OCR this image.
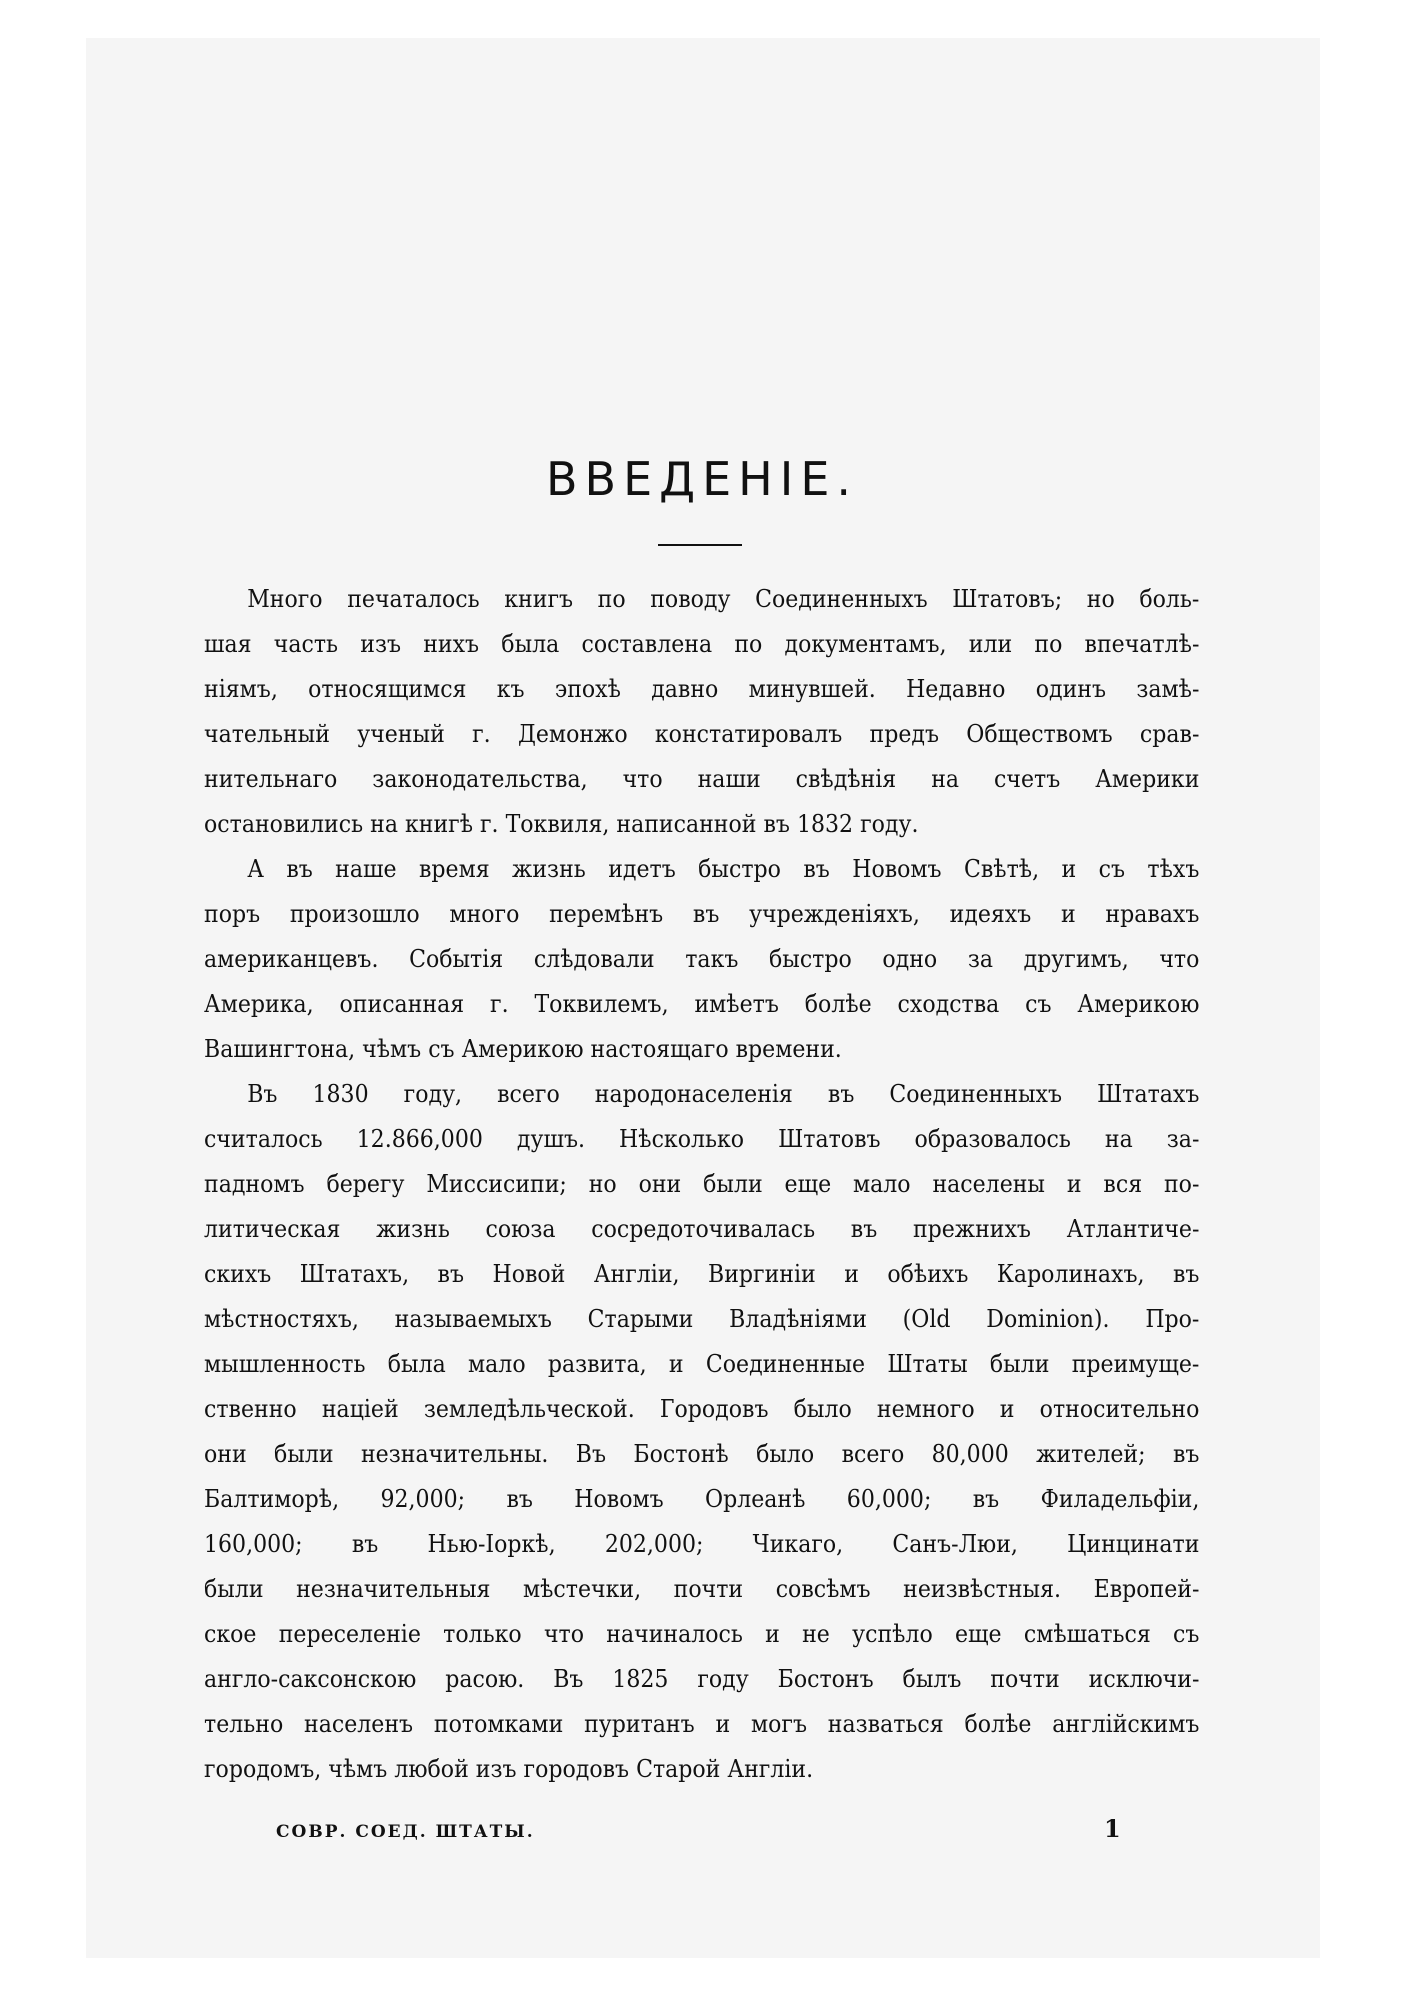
ВВЕДЕНІЕ.
Много печаталось книгъ по поводу Соединенныхъ Штатовъ; но боль-
шая часть изъ нихъ была составлена по документамъ, или по впечатлѣ-
ніямъ, относящимся къ эпохѣ давно минувшей. Недавно одинъ замѣ-
чательный ученый г. Демонжо констатировалъ предъ Обществомъ срав-
нительнаго законодательства, что наши свѣдѣнія на счетъ Америки
остановились на книгѣ г. Токвиля, написанной въ 1832 году.
А въ наше время жизнь идетъ быстро въ Новомъ Свѣтѣ, и съ тѣхъ
поръ произошло много перемѣнъ въ учрежденіяхъ, идеяхъ и нравахъ
американцевъ. Событія слѣдовали такъ быстро одно за другимъ, что
Америка, описанная г. Токвилемъ, имѣетъ болѣе сходства съ Америкою
Вашингтона, чѣмъ съ Америкою настоящаго времени.
Въ 1830 году, всего народонаселенія въ Соединенныхъ Штатахъ
считалось 12.866,000 душъ. Нѣсколько Штатовъ образовалось на за-
падномъ берегу Миссисипи; но они были еще мало населены и вся по-
литическая жизнь союза сосредоточивалась въ прежнихъ Атлантиче-
скихъ Штатахъ, въ Новой Англіи, Виргиніи и обѣихъ Каролинахъ, въ
мѣстностяхъ, называемыхъ Старыми Владѣніями (Old Dominion). Про-
мышленность была мало развита, и Соединенные Штаты были преимуще-
ственно націей земледѣльческой. Городовъ было немного и относительно
они были незначительны. Въ Бостонѣ было всего 80,000 жителей; въ
Балтиморѣ, 92,000; въ Новомъ Орлеанѣ 60,000; въ Филадельфіи,
160,000; въ Нью-Іоркѣ, 202,000; Чикаго, Санъ-Люи, Цинцинати
были незначительныя мѣстечки, почти совсѣмъ неизвѣстныя. Европей-
ское переселеніе только что начиналось и не успѣло еще смѣшаться съ
англо-саксонскою расою. Въ 1825 году Бостонъ былъ почти исключи-
тельно населенъ потомками пуританъ и могъ назваться болѣе англійскимъ
городомъ, чѣмъ любой изъ городовъ Старой Англіи.
СОВР. СОЕД. ШТАТЫ.	1
